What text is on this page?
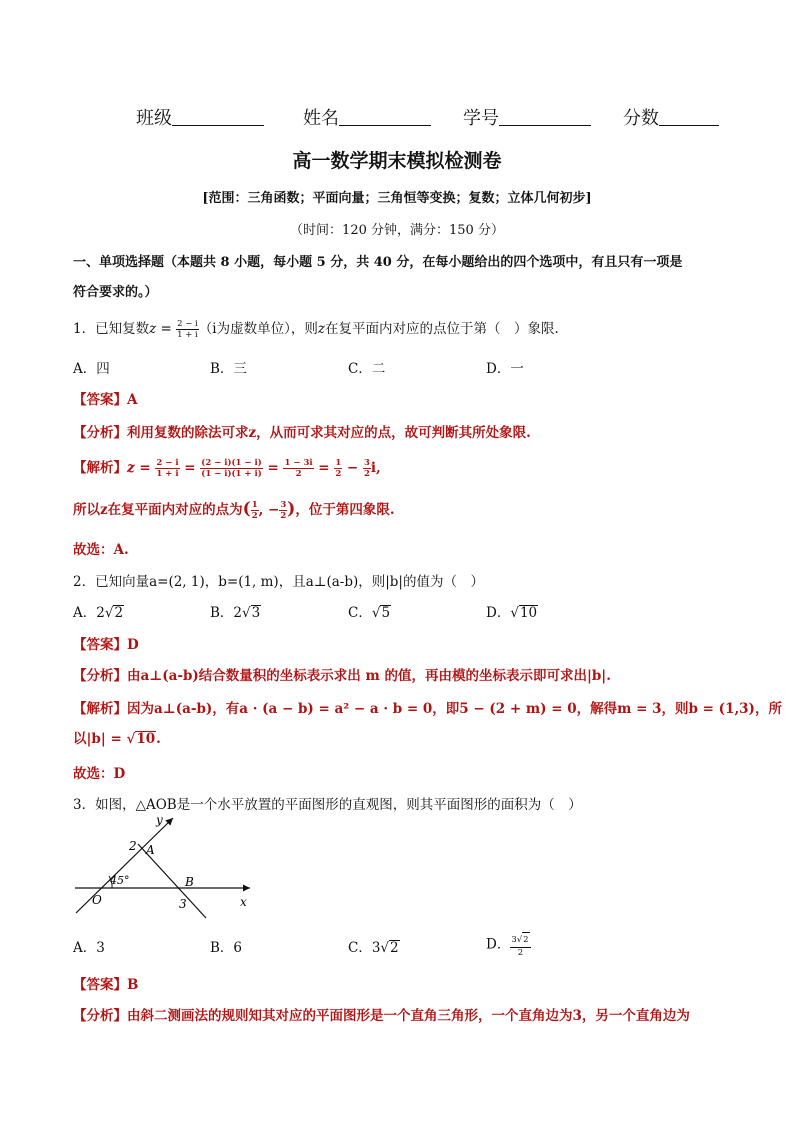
班级	姓名	学号	分数
高一数学期末模拟检测卷
[范围：三角函数；平面向量；三角恒等变换；复数；立体几何初步]
（时间：120 分钟，满分：150 分）
一、单项选择题（本题共 8 小题，每小题 5 分，共 40 分，在每小题给出的四个选项中，有且只有一项是
符合要求的。）
1．已知复数$z = \frac{2 - i}{1 + i} (i$为虚数单位），则z在复平面内对应的点位于第（　）象限.
A．四	B．三	C．二	D．一
【答案】A
【分析】利用复数的除法可求z，从而可求其对应的点，故可判断其所处象限.
【解析】$z = \frac{2 - i}{1 + i} = \frac{(2 - i)(1 - i)}{(1 - i)(1 + i)} = \frac{1 - 3i}{2} = \frac{1}{2} - \frac{3}{2} i$,
所以z在复平面内对应的点为( $\frac{1}{2}$ , − $\frac{3}{2}$ )，位于第四象限.
故选：A.
2．已知向量a=(2, 1)，b=(1, m)，且a⊥(a-b)，则|b|的值为（　）
A．2√2	B．2√3	C．√5	D．√10
【答案】D
【分析】由a⊥(a-b)结合数量积的坐标表示求出 m 的值，再由模的坐标表示即可求出|b|.
【解析】因为a⊥(a-b)，有a · (a − b) = a² − a · b = 0，即5 − (2 + m) = 0，解得m = 3，则b = (1,3)，所
以|b| = √10.
故选：D
3．如图，△AOB是一个水平放置的平面图形的直观图，则其平面图形的面积为（　）
y
x
A
B
O
2
3
45°
A．3	B．6	C．3√2	D． $\frac{3√2}{2}$
【答案】B
【分析】由斜二测画法的规则知其对应的平面图形是一个直角三角形，一个直角边为3，另一个直角边为
